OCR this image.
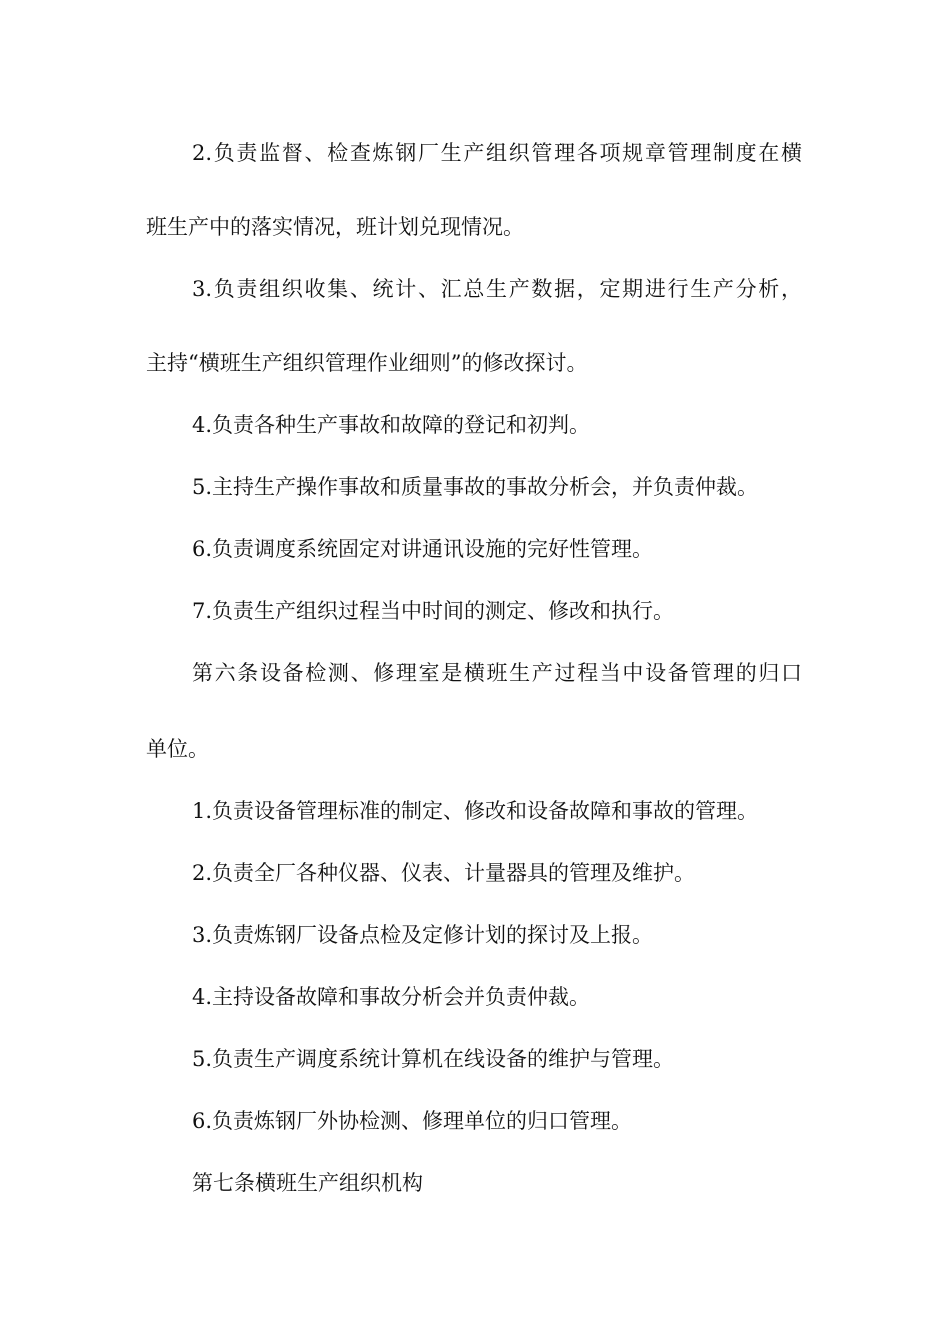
2.负责监督、检查炼钢厂生产组织管理各项规章管理制度在横
班生产中的落实情况，班计划兑现情况。
3.负责组织收集、统计、汇总生产数据，定期进行生产分析，
主持“横班生产组织管理作业细则”的修改探讨。
4.负责各种生产事故和故障的登记和初判。
5.主持生产操作事故和质量事故的事故分析会，并负责仲裁。
6.负责调度系统固定对讲通讯设施的完好性管理。
7.负责生产组织过程当中时间的测定、修改和执行。
第六条设备检测、修理室是横班生产过程当中设备管理的归口
单位。
1.负责设备管理标准的制定、修改和设备故障和事故的管理。
2.负责全厂各种仪器、仪表、计量器具的管理及维护。
3.负责炼钢厂设备点检及定修计划的探讨及上报。
4.主持设备故障和事故分析会并负责仲裁。
5.负责生产调度系统计算机在线设备的维护与管理。
6.负责炼钢厂外协检测、修理单位的归口管理。
第七条横班生产组织机构
